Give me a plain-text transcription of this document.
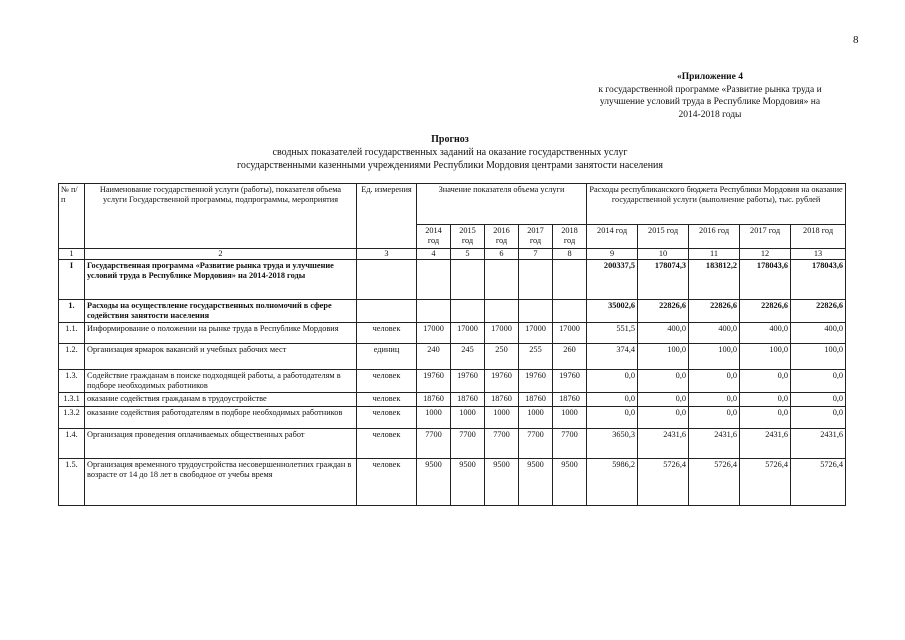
8
«Приложение 4
к государственной программе «Развитие рынка труда и
улучшение условий труда в Республике Мордовия» на
2014-2018 годы
Прогноз
сводных показателей государственных заданий на оказание государственных услуг
государственными казенными учреждениями Республики Мордовия центрами занятости населения
№ п/п	Наименование государственной услуги (работы), показателя объема услуги Государственной программы, подпрограммы, мероприятия	Ед. измерения	Значение показателя объема услуги					Расходы республиканского бюджета Республики Мордовия на оказание государственной услуги (выполнение работы), тыс. рублей				
			2014 год	2015 год	2016 год	2017 год	2018 год	2014 год	2015 год	2016 год	2017 год	2018 год
1	2	3	4	5	6	7	8	9	10	11	12	13
I	Государственная программа «Развитие рынка труда и улучшение условий труда в Республике Мордовия» на 2014-2018 годы							200337,5	178074,3	183812,2	178043,6	178043,6
1.	Расходы на осуществление государственных полномочий в сфере содействия занятости населения							35002,6	22826,6	22826,6	22826,6	22826,6
1.1.	Информирование о положении на рынке труда в Республике Мордовия	человек	17000	17000	17000	17000	17000	551,5	400,0	400,0	400,0	400,0
1.2.	Организация ярмарок вакансий и учебных рабочих мест	единиц	240	245	250	255	260	374,4	100,0	100,0	100,0	100,0
1.3.	Содействие гражданам в поиске подходящей работы, а работодателям в подборе необходимых работников	человек	19760	19760	19760	19760	19760	0,0	0,0	0,0	0,0	0,0
1.3.1	оказание содействия гражданам в трудоустройстве	человек	18760	18760	18760	18760	18760	0,0	0,0	0,0	0,0	0,0
1.3.2	оказание содействия работодателям в подборе необходимых работников	человек	1000	1000	1000	1000	1000	0,0	0,0	0,0	0,0	0,0
1.4.	Организация проведения оплачиваемых общественных работ	человек	7700	7700	7700	7700	7700	3650,3	2431,6	2431,6	2431,6	2431,6
1.5.	Организация временного трудоустройства несовершеннолетних граждан в возрасте от 14 до 18 лет в свободное от учебы время	человек	9500	9500	9500	9500	9500	5986,2	5726,4	5726,4	5726,4	5726,4
